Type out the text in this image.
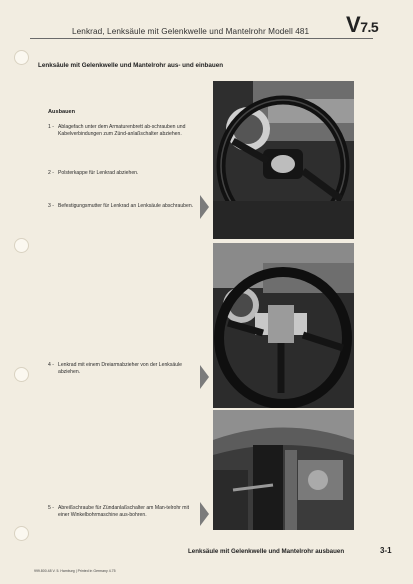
Lenkrad, Lenksäule mit Gelenkwelle und Mantelrohr Modell 481 V7.5
Lenksäule mit Gelenkwelle und Mantelrohr aus- und einbauen
Ausbauen
1 - Ablagefach unter dem Armaturenbrett ab-schrauben und Kabelverbindungen zum Zünd-anlaßschalter abziehen.
2 - Polsterkappe für Lenkrad abziehen.
3 - Befestigungsmutter für Lenkrad an Lenksäule abschrauben.
4 - Lenkrad mit einem Dreiarmabzieher von der Lenksäule abziehen.
5 - Abreißschraube für Zündanlaßschalter am Man-telrohr mit einer Winkelbohrmaschine aus-bohren.
Lenksäule mit Gelenkwelle und Mantelrohr ausbauen	3-1
999.800.48 V. 5. Hamburg | Printed in Germany 4.75
